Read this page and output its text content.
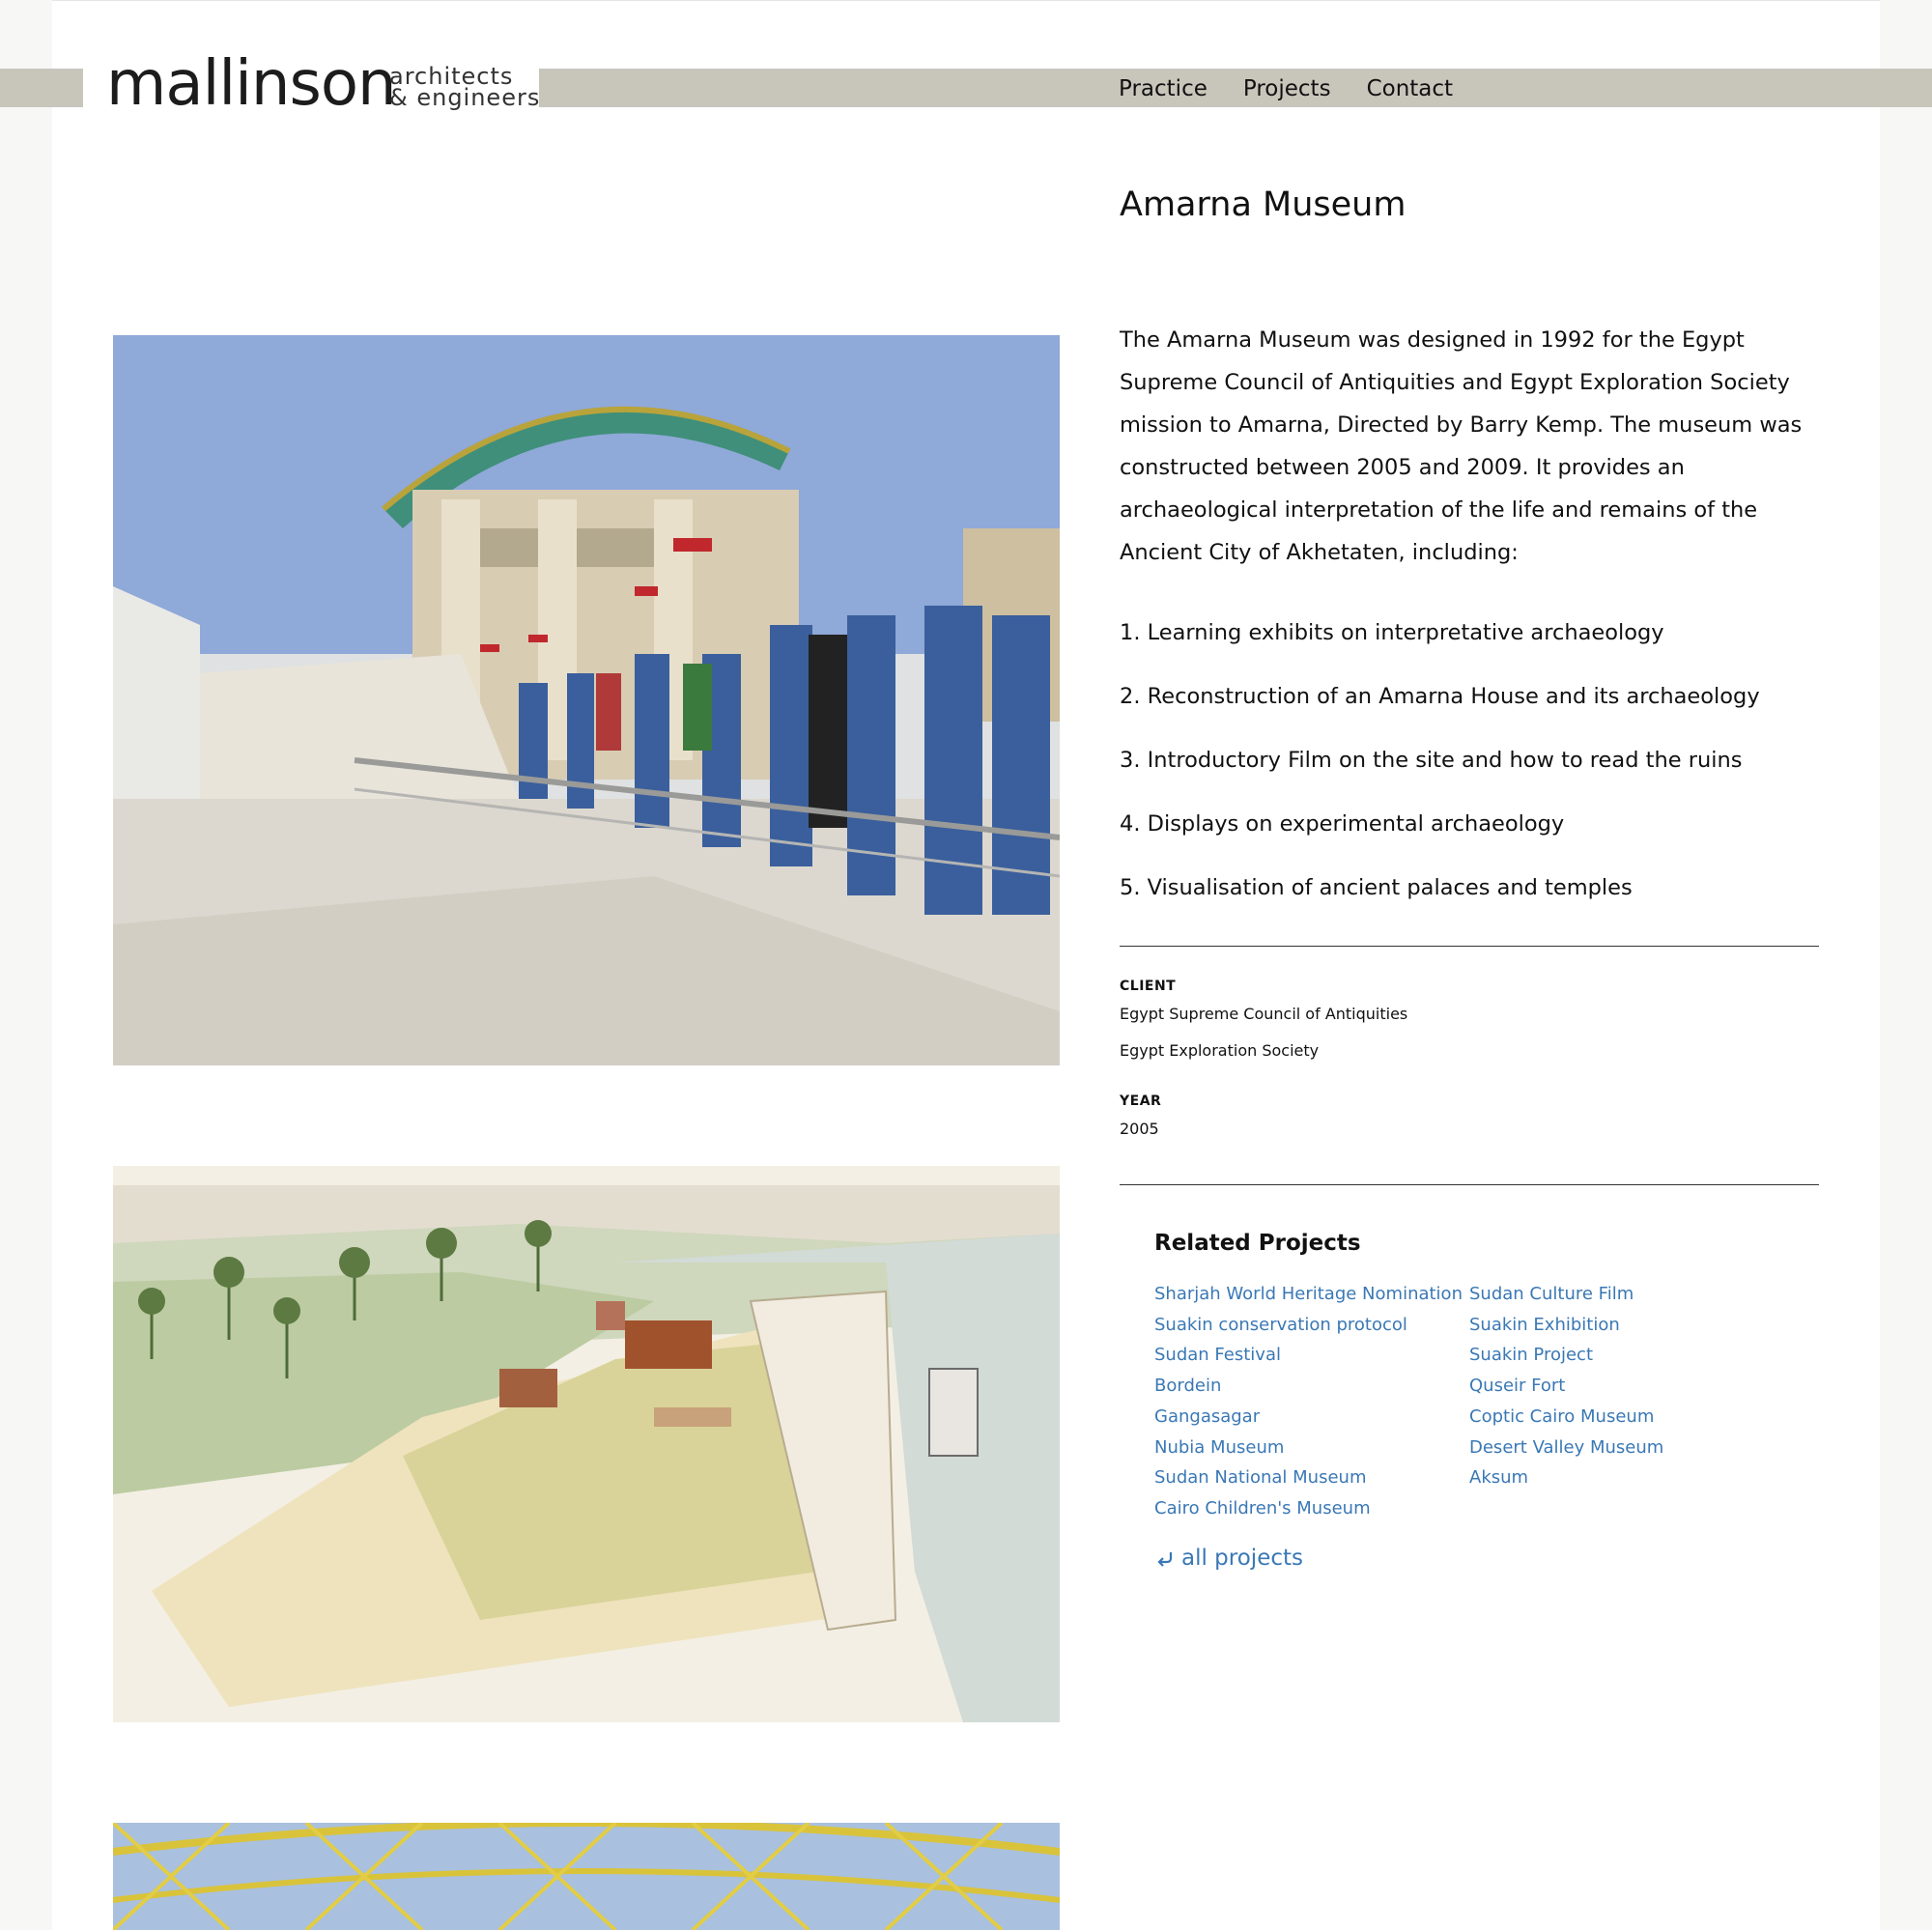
mallinson
architects
& engineers	Practice Projects Contact
Amarna Museum

The Amarna Museum was designed in 1992 for the Egypt Supreme Council of Antiquities and Egypt Exploration Society mission to Amarna, Directed by Barry Kemp. The museum was constructed between 2005 and 2009. It provides an archaeological interpretation of the life and remains of the Ancient City of Akhetaten, including:

1. Learning exhibits on interpretative archaeology
2. Reconstruction of an Amarna House and its archaeology
3. Introductory Film on the site and how to read the ruins
4. Displays on experimental archaeology
5. Visualisation of ancient palaces and temples
CLIENT
Egypt Supreme Council of Antiquities
Egypt Exploration Society
YEAR
2005
Related Projects
Sharjah World Heritage Nomination
Suakin conservation protocol
Sudan Festival
Bordein
Gangasagar
Nubia Museum
Sudan National Museum
Cairo Children's Museum
Sudan Culture Film
Suakin Exhibition
Suakin Project
Quseir Fort
Coptic Cairo Museum
Desert Valley Museum
Aksum
all projects
